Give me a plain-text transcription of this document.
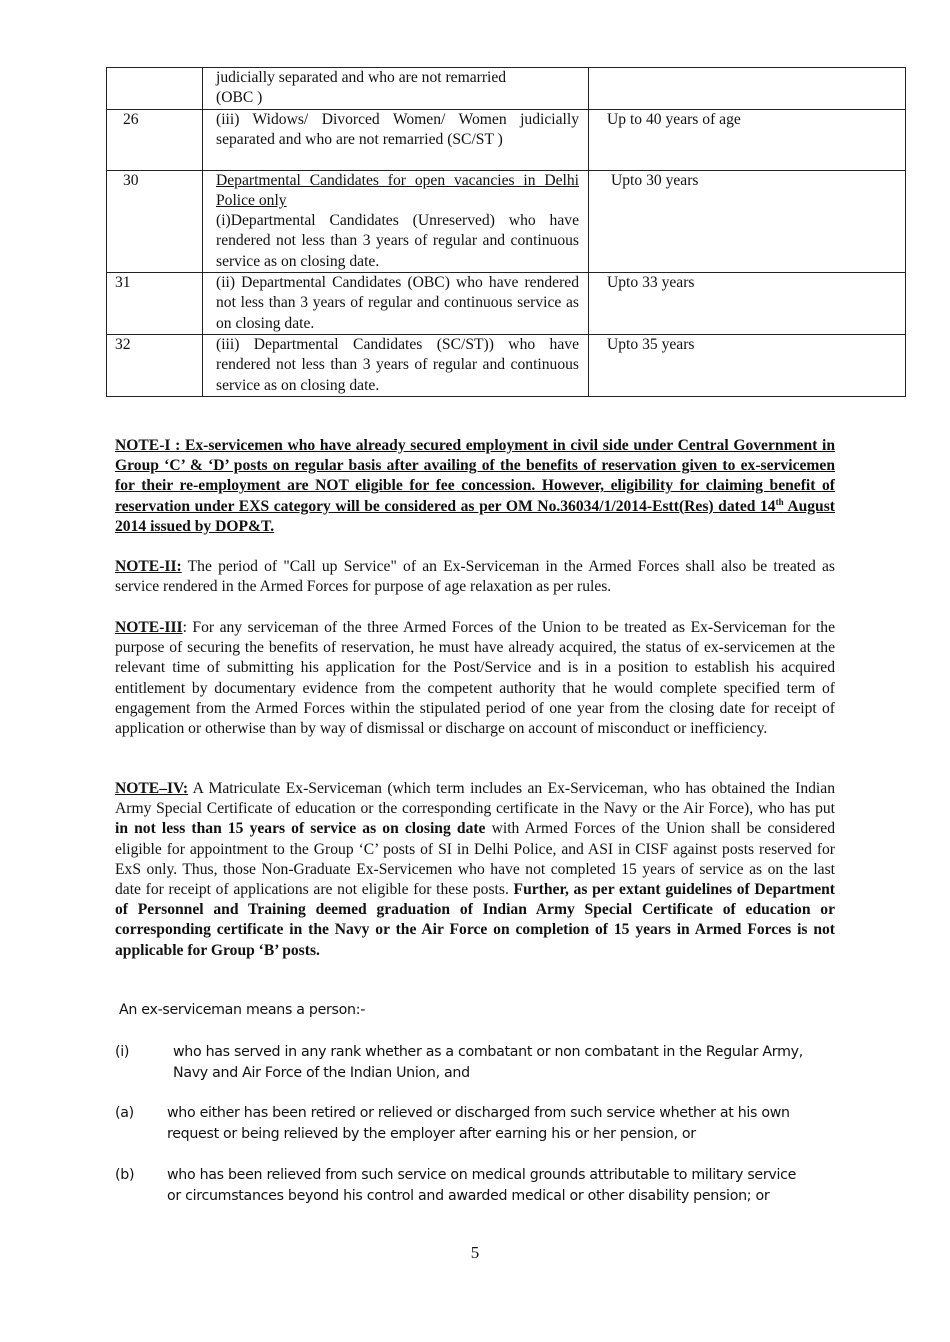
	judicially separated and who are not remarried
(OBC )	

26	(iii) Widows/ Divorced Women/ Women judicially separated and who are not remarried (SC/ST )	Up to 40 years of age
30	Departmental Candidates for open vacancies in Delhi Police only
(i)Departmental Candidates (Unreserved) who have rendered not less than 3 years of regular and continuous service as on closing date.	Upto 30 years
31	(ii) Departmental Candidates (OBC) who have rendered not less than 3 years of regular and continuous service as on closing date.	Upto 33 years
32	(iii) Departmental Candidates (SC/ST)) who have rendered not less than 3 years of regular and continuous service as on closing date.	Upto 35 years

NOTE-I : Ex-servicemen who have already secured employment in civil side under Central Government in Group ‘C’ & ‘D’ posts on regular basis after availing of the benefits of reservation given to ex-servicemen for their re-employment are NOT eligible for fee concession. However, eligibility for claiming benefit of reservation under EXS category will be considered as per OM No.36034/1/2014-Estt(Res) dated 14th August 2014 issued by DOP&T.

NOTE-II: The period of "Call up Service" of an Ex-Serviceman in the Armed Forces shall also be treated as service rendered in the Armed Forces for purpose of age relaxation as per rules.

NOTE-III: For any serviceman of the three Armed Forces of the Union to be treated as Ex-Serviceman for the purpose of securing the benefits of reservation, he must have already acquired, the status of ex-servicemen at the relevant time of submitting his application for the Post/Service and is in a position to establish his acquired entitlement by documentary evidence from the competent authority that he would complete specified term of engagement from the Armed Forces within the stipulated period of one year from the closing date for receipt of application or otherwise than by way of dismissal or discharge on account of misconduct or inefficiency.

NOTE–IV: A Matriculate Ex-Serviceman (which term includes an Ex-Serviceman, who has obtained the Indian Army Special Certificate of education or the corresponding certificate in the Navy or the Air Force), who has put in not less than 15 years of service as on closing date with Armed Forces of the Union shall be considered eligible for appointment to the Group ‘C’ posts of SI in Delhi Police, and ASI in CISF against posts reserved for ExS only. Thus, those Non-Graduate Ex-Servicemen who have not completed 15 years of service as on the last date for receipt of applications are not eligible for these posts. Further, as per extant guidelines of Department of Personnel and Training deemed graduation of Indian Army Special Certificate of education or corresponding certificate in the Navy or the Air Force on completion of 15 years in Armed Forces is not applicable for Group ‘B’ posts.

An ex-serviceman means a person:-
(i)	who has served in any rank whether as a combatant or non combatant in the Regular Army, Navy and Air Force of the Indian Union, and
(a) who either has been retired or relieved or discharged from such service whether at his own request or being relieved by the employer after earning his or her pension, or
(b) who has been relieved from such service on medical grounds attributable to military service or circumstances beyond his control and awarded medical or other disability pension; or
5
